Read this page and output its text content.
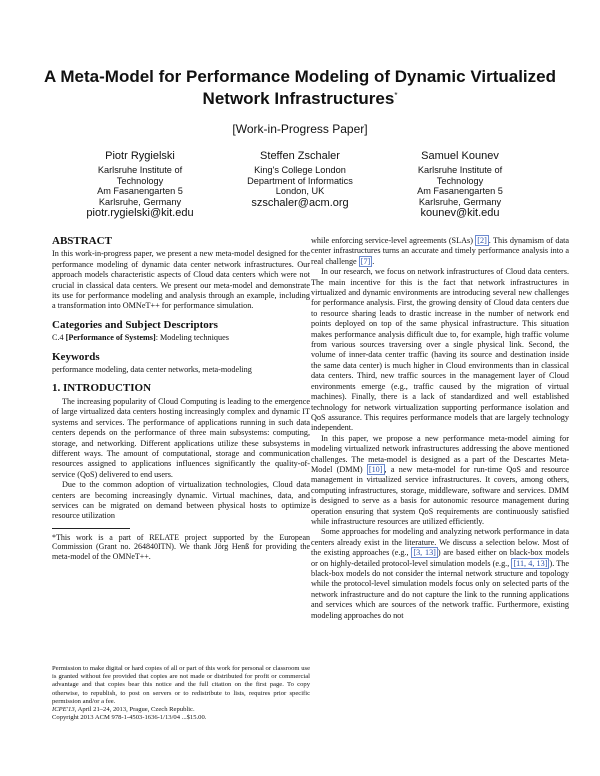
A Meta-Model for Performance Modeling of Dynamic Virtualized Network Infrastructures*
[Work-in-Progress Paper]
Piotr Rygielski
Karlsruhe Institute of
Technology
Am Fasanengarten 5
Karlsruhe, Germany
piotr.rygielski@kit.edu
Steffen Zschaler
King's College London
Department of Informatics
London, UK
szschaler@acm.org
Samuel Kounev
Karlsruhe Institute of
Technology
Am Fasanengarten 5
Karlsruhe, Germany
kounev@kit.edu
ABSTRACT

In this work-in-progress paper, we present a new meta-model designed for the performance modeling of dynamic data center network infrastructures. Our approach models characteristic aspects of Cloud data centers which were not crucial in classical data centers. We present our meta-model and demonstrate its use for performance modeling and analysis through an example, including a transformation into OMNeT++ for performance simulation.

Categories and Subject Descriptors

C.4 [Performance of Systems]: Modeling techniques

Keywords

performance modeling, data center networks, meta-modeling

1. INTRODUCTION

The increasing popularity of Cloud Computing is leading to the emergence of large virtualized data centers hosting increasingly complex and dynamic IT systems and services. The performance of applications running in such data centers depends on the performance of three main subsystems: computing, storage, and networking. Different applications utilize these subsystems in different ways. The amount of computational, storage and communication resources assigned to applications influences significantly the quality-of-service (QoS) delivered to end users.

Due to the common adoption of virtualization technologies, Cloud data centers are becoming increasingly dynamic. Virtual machines, data, and services can be migrated on demand between physical hosts to optimize resource utilization

*This work is a part of RELATE project supported by the European Commission (Grant no. 264840ITN). We thank Jörg Henß for providing the meta-model of the OMNeT++.
Permission to make digital or hard copies of all or part of this work for personal or classroom use is granted without fee provided that copies are not made or distributed for profit or commercial advantage and that copies bear this notice and the full citation on the first page. To copy otherwise, to republish, to post on servers or to redistribute to lists, requires prior specific permission and/or a fee.
ICPE'13, April 21–24, 2013, Prague, Czech Republic.
Copyright 2013 ACM 978-1-4503-1636-1/13/04 ...$15.00.

while enforcing service-level agreements (SLAs) [2] . This dynamism of data center infrastructures turns an accurate and timely performance analysis into a real challenge [7] .

In our research, we focus on network infrastructures of Cloud data centers. The main incentive for this is the fact that network infrastructures in virtualized and dynamic environments are introducing several new challenges for performance analysis. First, the growing density of Cloud data centers due to resource sharing leads to drastic increase in the number of network end points deployed on top of the same physical infrastructure. This situation makes performance analysis difficult due to, for example, high traffic volume from various sources traversing over a single physical link. Second, the volume of inner-data center traffic (having its source and destination inside the same data center) is much higher in Cloud environments than in classical data centers. Third, new traffic sources in the management layer of Cloud environments emerge (e.g., traffic caused by the migration of virtual machines). Finally, there is a lack of standardized and well established technology for network virtualization supporting performance isolation and QoS assurance. This requires performance models that are largely technology independent.

In this paper, we propose a new performance meta-model aiming for modeling virtualized network infrastructures addressing the above mentioned challenges. The meta-model is designed as a part of the Descartes Meta-Model (DMM) [10] , a new meta-model for run-time QoS and resource management in virtualized service infrastructures. It covers, among others, computing infrastructures, storage, middleware, software and services. DMM is designed to serve as a basis for autonomic resource management during operation ensuring that system QoS requirements are continuously satisfied while infrastructure resources are utilized efficiently.

Some approaches for modeling and analyzing network performance in data centers already exist in the literature. We discuss a selection below. Most of the existing approaches (e.g., [3, 13] ) are based either on black-box models or on highly-detailed protocol-level simulation models (e.g., [11, 4, 13] ). The black-box models do not consider the internal network structure and topology while the protocol-level simulation models focus only on selected parts of the network infrastructure and do not capture the link to the running applications and services which are sources of the network traffic. Furthermore, existing modeling approaches do not
